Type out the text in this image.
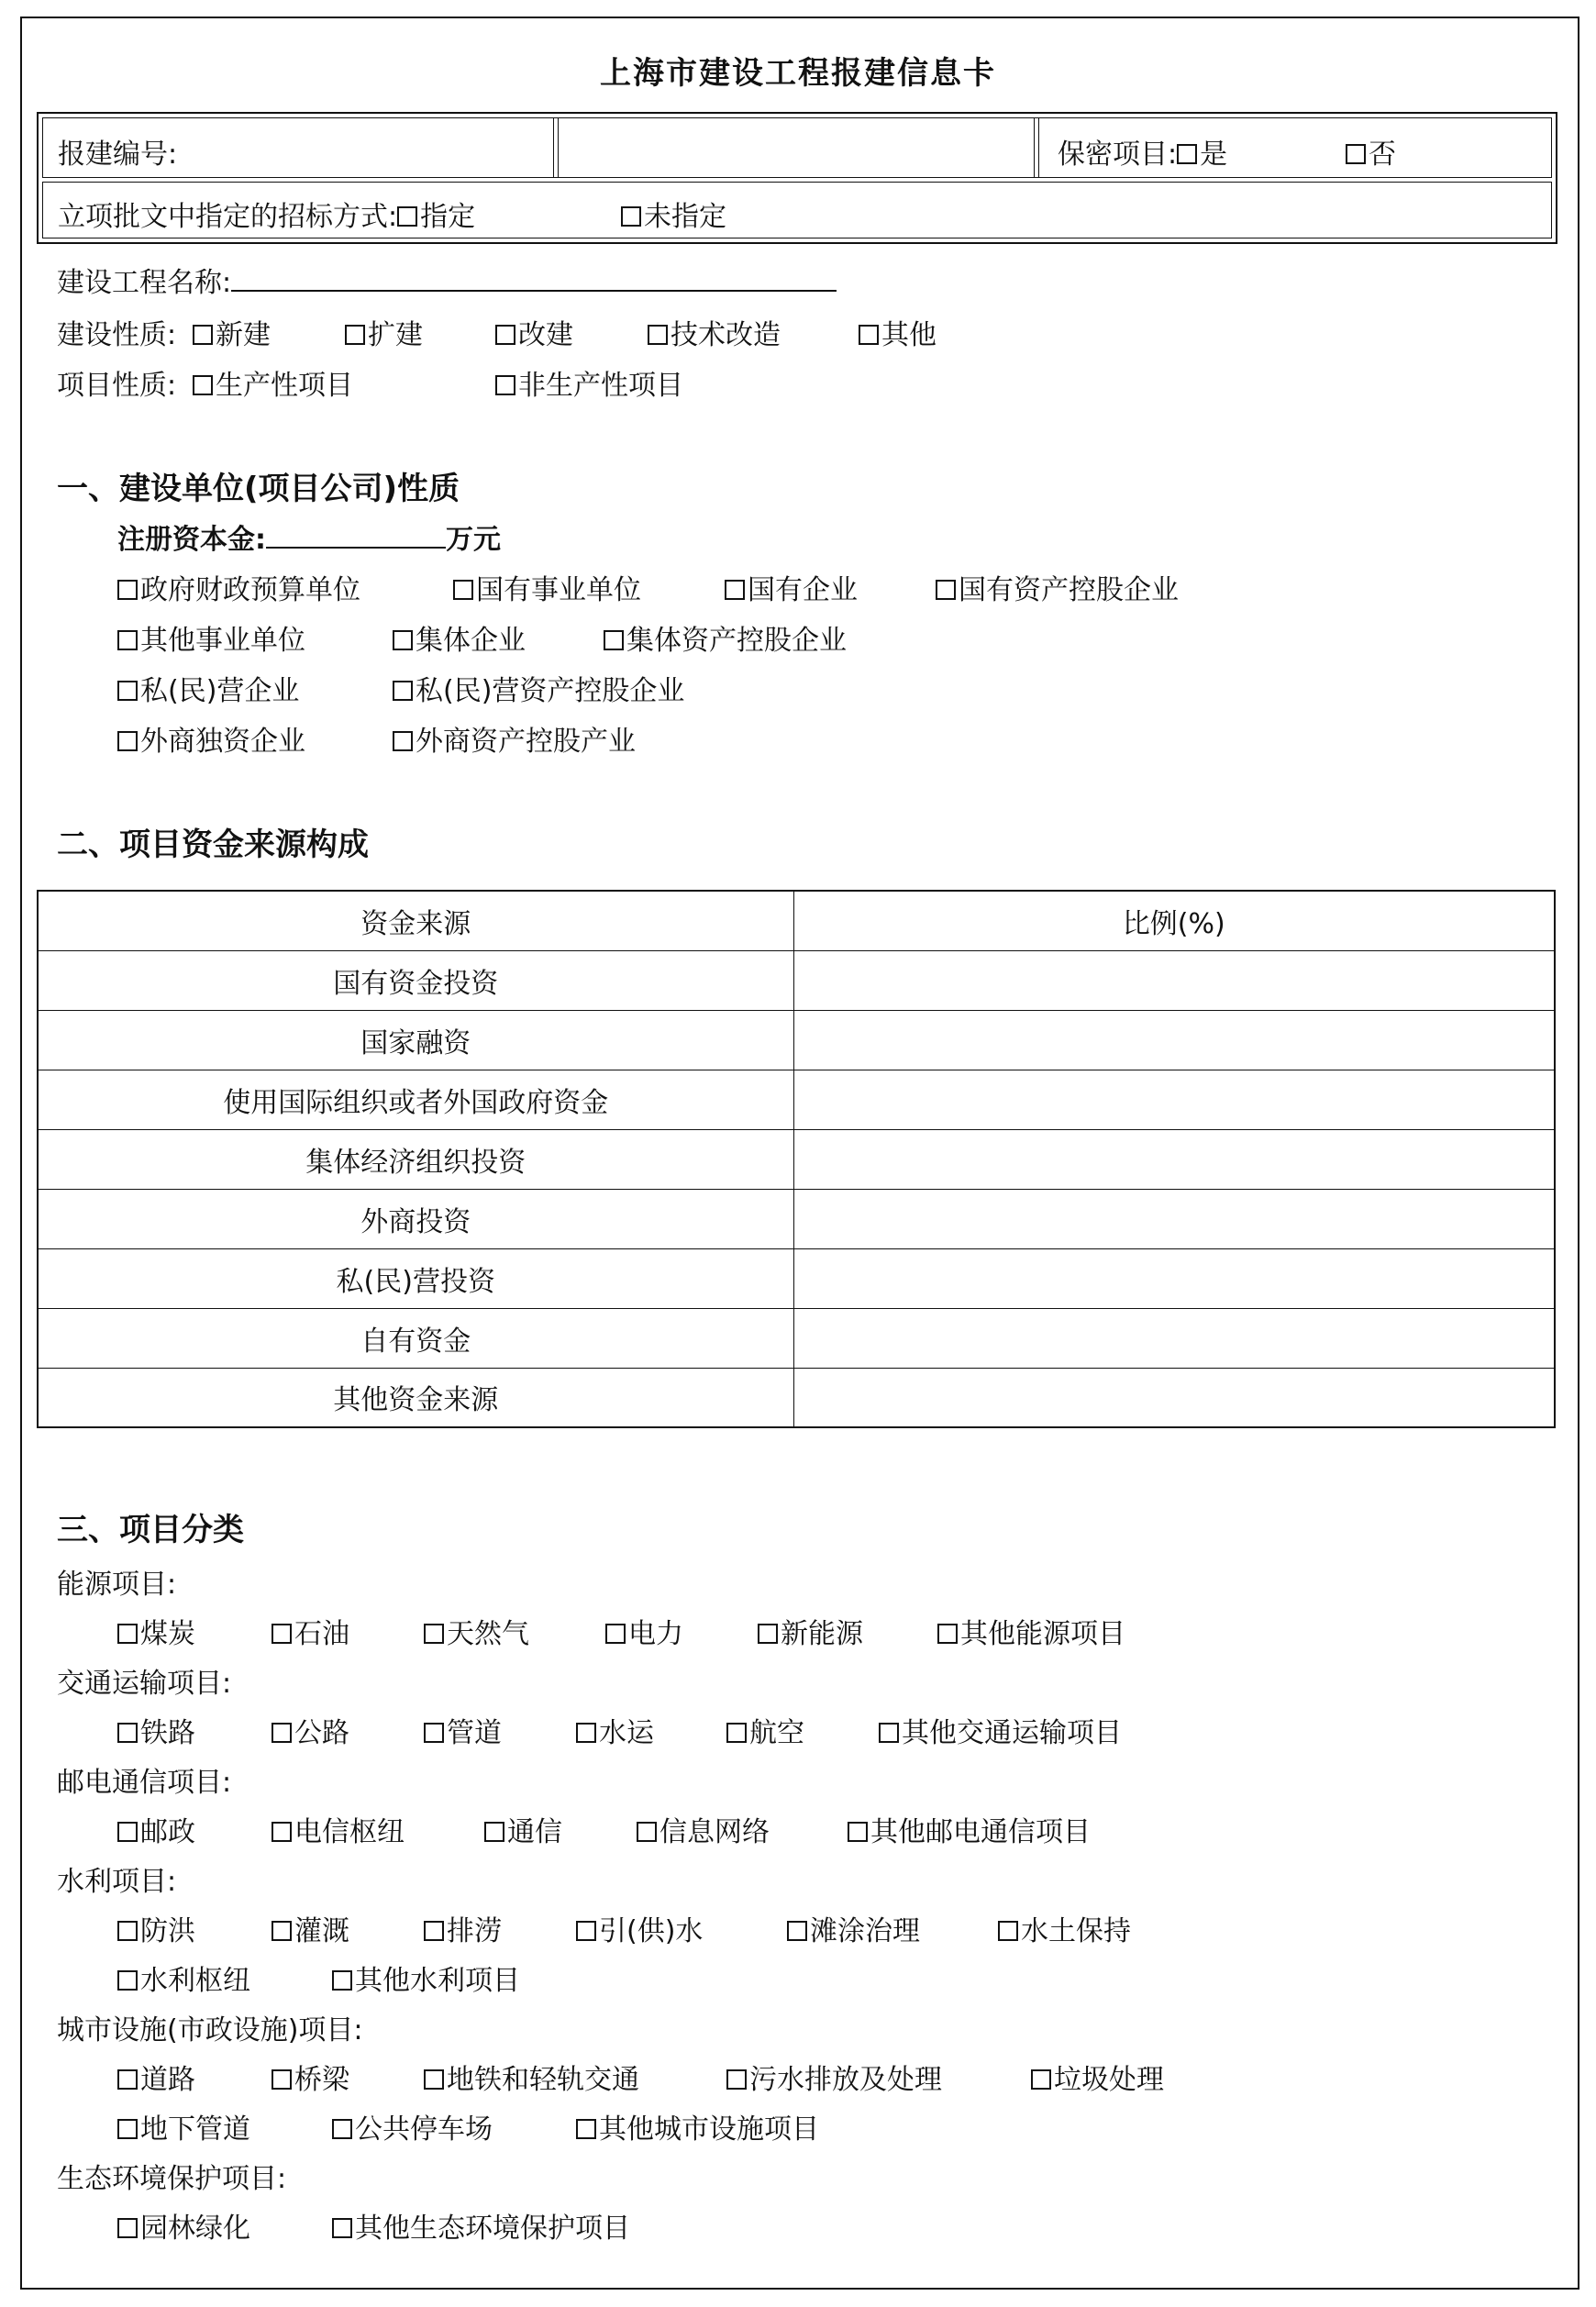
上海市建设工程报建信息卡
报建编号:	保密项目: 是	否
立项批文中指定的招标方式: 指定	未指定
建设工程名称:
建设性质:	新建	扩建	改建	技术改造	其他
项目性质:	生产性项目	非生产性项目
一、建设单位(项目公司)性质
注册资本金:	万元
政府财政预算单位	国有事业单位	国有企业	国有资产控股企业
其他事业单位	集体企业	集体资产控股企业
私(民)营企业	私(民)营资产控股企业
外商独资企业	外商资产控股产业
二、项目资金来源构成
资金来源	比例(%)
国有资金投资	
国家融资	
使用国际组织或者外国政府资金	
集体经济组织投资	
外商投资	
私(民)营投资	
自有资金	
其他资金来源	
三、项目分类
能源项目:
煤炭	石油	天然气	电力	新能源	其他能源项目
交通运输项目:
铁路	公路	管道	水运	航空	其他交通运输项目
邮电通信项目:
邮政	电信枢纽	通信	信息网络	其他邮电通信项目
水利项目:
防洪	灌溉	排涝	引(供)水	滩涂治理	水土保持
水利枢纽	其他水利项目
城市设施(市政设施)项目:
道路	桥梁	地铁和轻轨交通	污水排放及处理	垃圾处理
地下管道	公共停车场	其他城市设施项目
生态环境保护项目:
园林绿化	其他生态环境保护项目
